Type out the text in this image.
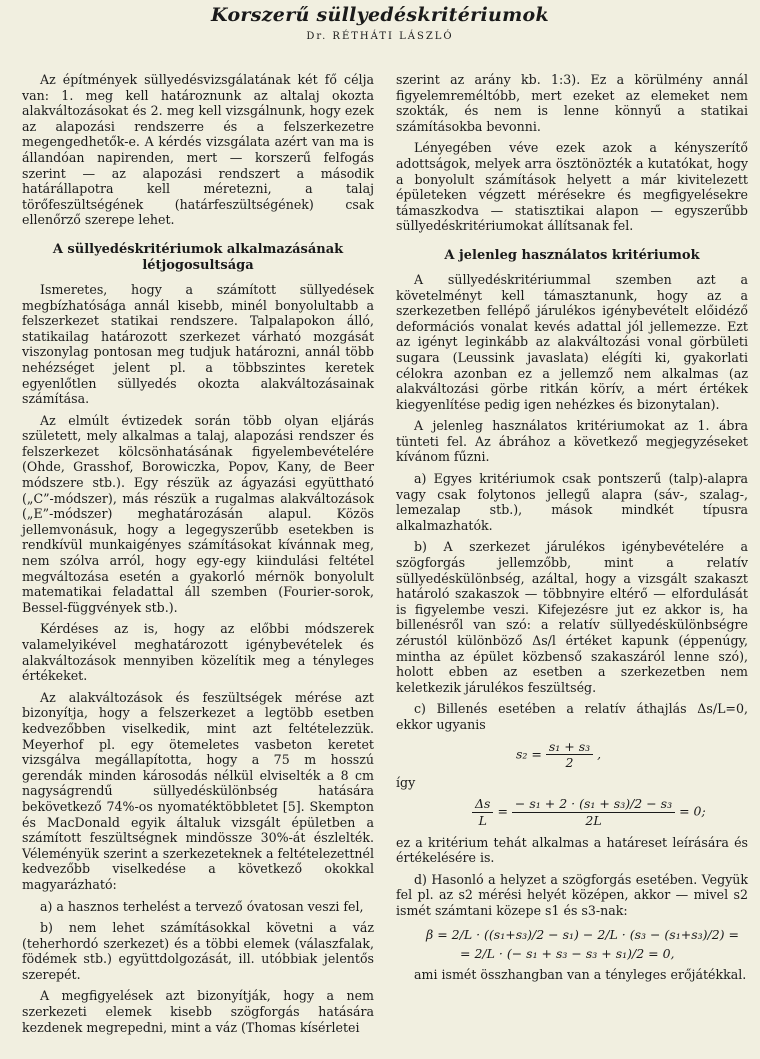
Korszerű süllyedéskritériumok
Dr. RÉTHÁTI LÁSZLÓ

Az építmények süllyedésvizsgálatának két fő célja van: 1. meg kell határoznunk az altalaj okozta alakváltozásokat és 2. meg kell vizsgálnunk, hogy ezek az alapozási rendszerre és a felszerkezetre megengedhetők-e. A kérdés vizsgálata azért van ma is állandóan napirenden, mert — korszerű felfogás szerint — az alapozási rendszert a második határállapotra kell méretezni, a talaj törőfeszültségének (határfeszültségének) csak ellenőrző szerepe lehet.

A süllyedéskritériumok alkalmazásának létjogosultsága

Ismeretes, hogy a számított süllyedések megbízhatósága annál kisebb, minél bonyolultabb a felszerkezet statikai rendszere. Talpalapokon álló, statikailag határozott szerkezet várható mozgását viszonylag pontosan meg tudjuk határozni, annál több nehézséget jelent pl. a többszintes keretek egyenlőtlen süllyedés okozta alakváltozásainak számítása.

Az elmúlt évtizedek során több olyan eljárás született, mely alkalmas a talaj, alapozási rendszer és felszerkezet kölcsönhatásának figyelembevételére (Ohde, Grasshof, Borowiczka, Popov, Kany, de Beer módszere stb.). Egy részük az ágyazási együttható („C”-módszer), más részük a rugalmas alakváltozások („E”-módszer) meghatározásán alapul. Közös jellemvonásuk, hogy a legegyszerűbb esetekben is rendkívül munkaigényes számításokat kívánnak meg, nem szólva arról, hogy egy-egy kiindulási feltétel megváltozása esetén a gyakorló mérnök bonyolult matematikai feladattal áll szemben (Fourier-sorok, Bessel-függvények stb.).

Kérdéses az is, hogy az előbbi módszerek valamelyikével meghatározott igénybevételek és alakváltozások mennyiben közelítik meg a tényleges értékeket.

Az alakváltozások és feszültségek mérése azt bizonyítja, hogy a felszerkezet a legtöbb esetben kedvezőbben viselkedik, mint azt feltételezzük. Meyerhof pl. egy ötemeletes vasbeton keretet vizsgálva megállapította, hogy a 75 m hosszú gerendák minden károsodás nélkül elviselték a 8 cm nagyságrendű süllyedéskülönbség hatására bekövetkező 74%-os nyomatéktöbbletet [5]. Skempton és MacDonald egyik általuk vizsgált épületben a számított feszültségnek mindössze 30%-át észlelték. Véleményük szerint a szerkezeteknek a feltételezettnél kedvezőbb viselkedése a következő okokkal magyarázható:

a) a hasznos terhelést a tervező óvatosan veszi fel,

b) nem lehet számításokkal követni a váz (teherhordó szerkezet) és a többi elemek (válaszfalak, födémek stb.) együttdolgozását, ill. utóbbiak jelentős szerepét.

A megfigyelések azt bizonyítják, hogy a nem szerkezeti elemek kisebb szögforgás hatására kezdenek megrepedni, mint a váz (Thomas kísérletei

szerint az arány kb. 1:3). Ez a körülmény annál figyelemreméltóbb, mert ezeket az elemeket nem szokták, és nem is lenne könnyű a statikai számításokba bevonni.

Lényegében véve ezek azok a kényszerítő adottságok, melyek arra ösztönözték a kutatókat, hogy a bonyolult számítások helyett a már kivitelezett épületeken végzett mérésekre és megfigyelésekre támaszkodva — statisztikai alapon — egyszerűbb süllyedéskritériumokat állítsanak fel.

A jelenleg használatos kritériumok

A süllyedéskritériummal szemben azt a követelményt kell támasztanunk, hogy az a szerkezetben fellépő járulékos igénybevételt előidéző deformációs vonalat kevés adattal jól jellemezze. Ezt az igényt leginkább az alakváltozási vonal görbületi sugara (Leussink javaslata) elégíti ki, gyakorlati célokra azonban ez a jellemző nem alkalmas (az alakváltozási görbe ritkán körív, a mért értékek kiegyenlítése pedig igen nehézkes és bizonytalan).

A jelenleg használatos kritériumokat az 1. ábra tünteti fel. Az ábrához a következő megjegyzéseket kívánom fűzni.

a) Egyes kritériumok csak pontszerű (talp)-alapra vagy csak folytonos jellegű alapra (sáv-, szalag-, lemezalap stb.), mások mindkét típusra alkalmazhatók.

b) A szerkezet járulékos igénybevételére a szögforgás jellemzőbb, mint a relatív süllyedéskülönbség, azáltal, hogy a vizsgált szakaszt határoló szakaszok — többnyire eltérő — elfordulását is figyelembe veszi. Kifejezésre jut ez akkor is, ha billenésről van szó: a relatív süllyedéskülönbségre zérustól különböző Δs/l értéket kapunk (éppenúgy, mintha az épület közbenső szakaszáról lenne szó), holott ebben az esetben a szerkezetben nem keletkezik járulékos feszültség.

c) Billenés esetében a relatív áthajlás Δs/L=0, ekkor ugyanis

$s_2 = \frac{\text{s₁ + s₃}}{2}$ ,

így

$\frac{\Delta s}{L} = \frac{\text{− s₁ + 2 · (s₁ + s₃)/2 − s₃}}{2L} = 0$;

ez a kritérium tehát alkalmas a határeset leírására és értékelésére is.

d) Hasonló a helyzet a szögforgás esetében. Vegyük fel pl. az s2 mérési helyét középen, akkor — mivel s2 ismét számtani közepe s1 és s3-nak:

β = 2/L · ((s₁+s₃)/2 − s₁) − 2/L · (s₃ − (s₁+s₃)/2) =
= 2/L · (− s₁ + s₃ − s₃ + s₁)/2 = 0,

ami ismét összhangban van a tényleges erőjátékkal.
